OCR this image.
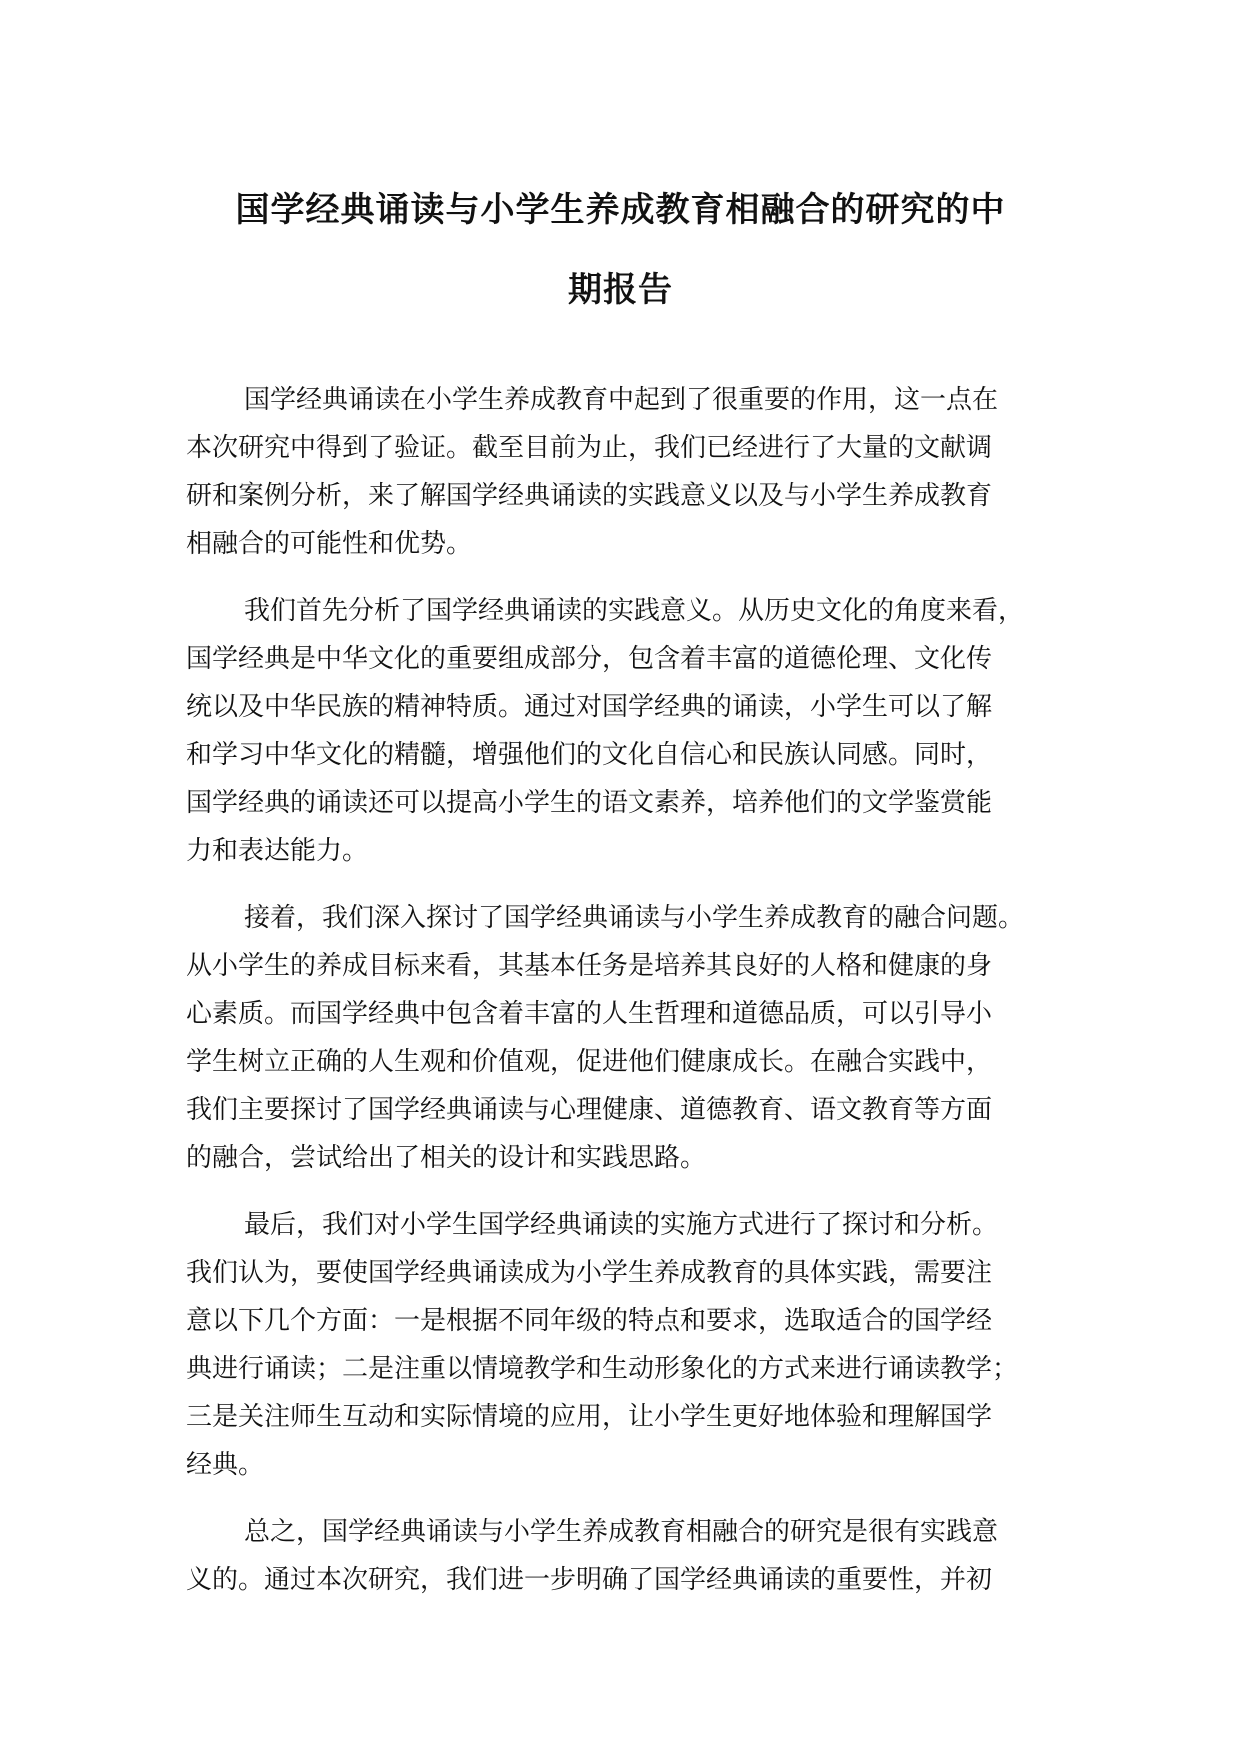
国学经典诵读与小学生养成教育相融合的研究的中
期报告
国学经典诵读在小学生养成教育中起到了很重要的作用，这一点在
本次研究中得到了验证。截至目前为止，我们已经进行了大量的文献调
研和案例分析，来了解国学经典诵读的实践意义以及与小学生养成教育
相融合的可能性和优势。
我们首先分析了国学经典诵读的实践意义。从历史文化的角度来看，
国学经典是中华文化的重要组成部分，包含着丰富的道德伦理、文化传
统以及中华民族的精神特质。通过对国学经典的诵读，小学生可以了解
和学习中华文化的精髓，增强他们的文化自信心和民族认同感。同时，
国学经典的诵读还可以提高小学生的语文素养，培养他们的文学鉴赏能
力和表达能力。
接着，我们深入探讨了国学经典诵读与小学生养成教育的融合问题。
从小学生的养成目标来看，其基本任务是培养其良好的人格和健康的身
心素质。而国学经典中包含着丰富的人生哲理和道德品质，可以引导小
学生树立正确的人生观和价值观，促进他们健康成长。在融合实践中，
我们主要探讨了国学经典诵读与心理健康、道德教育、语文教育等方面
的融合，尝试给出了相关的设计和实践思路。
最后，我们对小学生国学经典诵读的实施方式进行了探讨和分析。
我们认为，要使国学经典诵读成为小学生养成教育的具体实践，需要注
意以下几个方面：一是根据不同年级的特点和要求，选取适合的国学经
典进行诵读；二是注重以情境教学和生动形象化的方式来进行诵读教学；
三是关注师生互动和实际情境的应用，让小学生更好地体验和理解国学
经典。
总之，国学经典诵读与小学生养成教育相融合的研究是很有实践意
义的。通过本次研究，我们进一步明确了国学经典诵读的重要性，并初
